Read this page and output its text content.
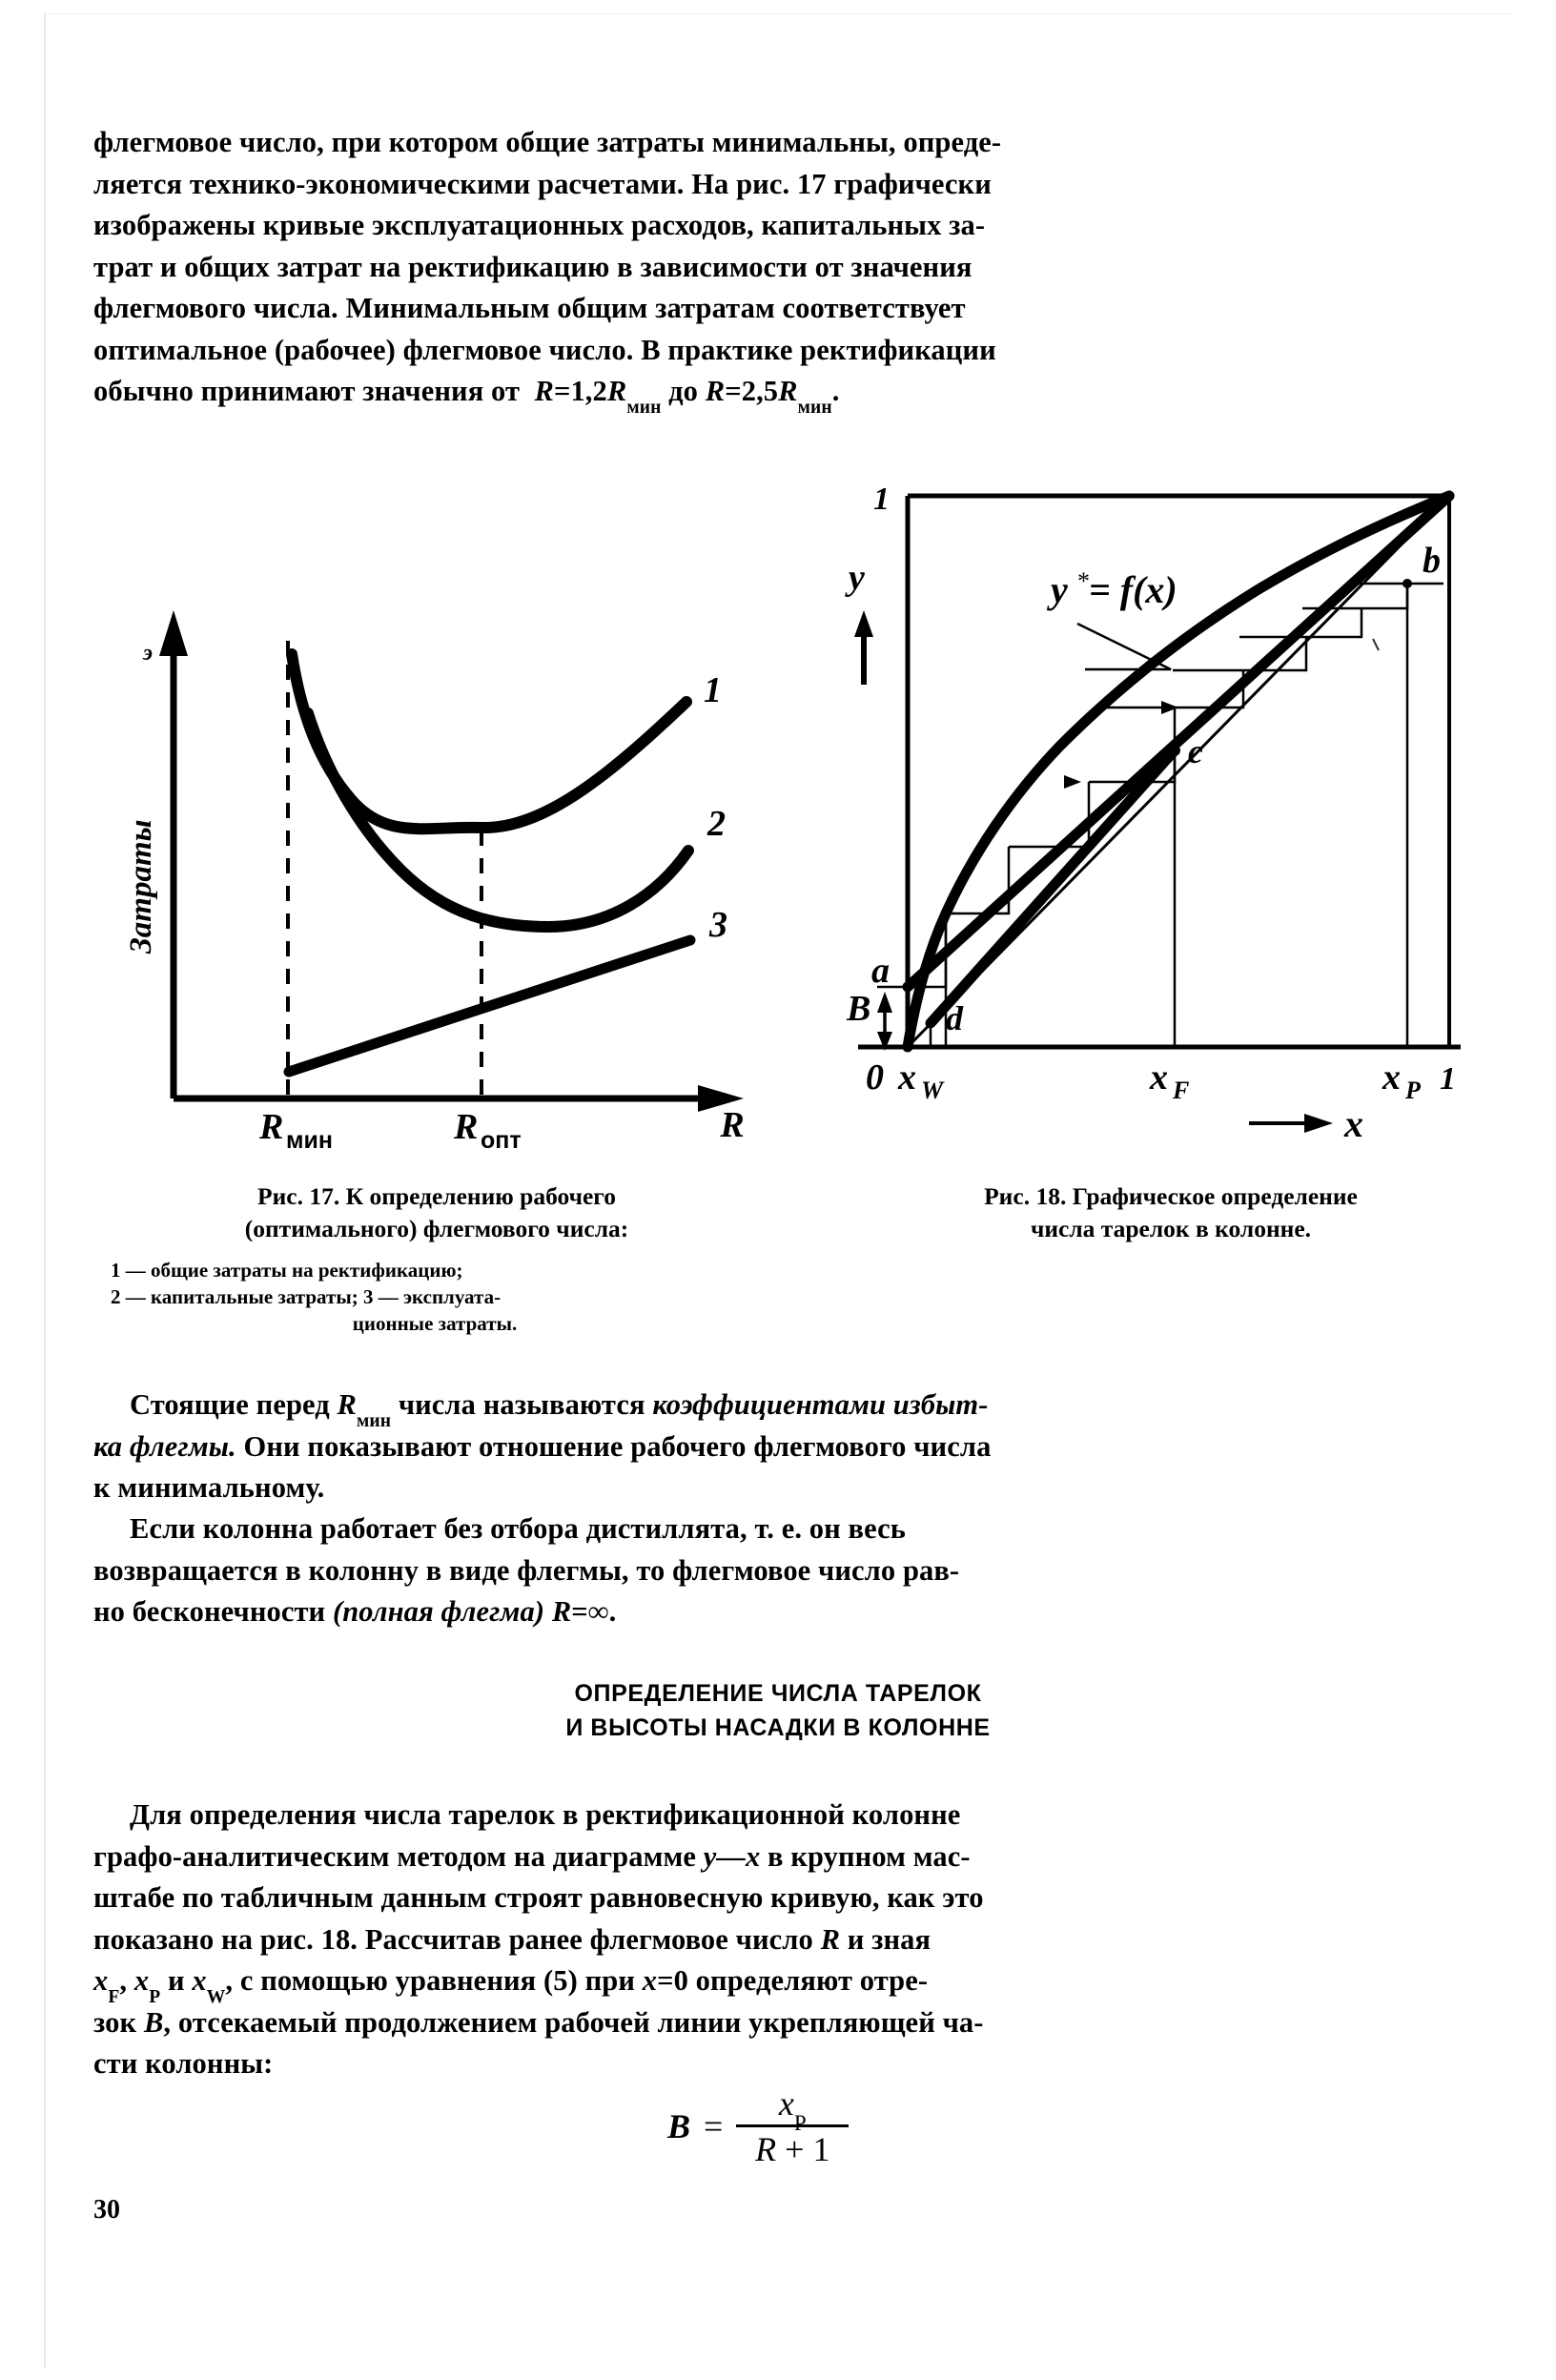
флегмовое число, при котором общие затраты минимальны, опреде-
ляется технико-экономическими расчетами. На рис. 17 графически
изображены кривые эксплуатационных расходов, капитальных за-
трат и общих затрат на ректификацию в зависимости от значения
флегмового числа. Минимальным общим затратам соответствует
оптимальное (рабочее) флегмовое число. В практике ректификации
обычно принимают значения от $R=1,2R_{мин}$ до $R=2,5R_{мин}$.

э
Затраты
R
1
2
3
R мин	R опт
1
y
B
a
b
c
d
y * = f(x)
0 x W	x F	x P 1
x
Рис. 17. К определению рабочего
(оптимального) флегмового числа:
1 — общие затраты на ректификацию;
2 — капитальные затраты; 3 — эксплуата-
ционные затраты.
Рис. 18. Графическое определение
числа тарелок в колонне.

Стоящие перед $R_{мин}$ числа называются коэффициентами избыт-
ка флегмы. Они показывают отношение рабочего флегмового числа
к минимальному.

Если колонна работает без отбора дистиллята, т. е. он весь
возвращается в колонну в виде флегмы, то флегмовое число рав-
но бесконечности (полная флегма) R=∞.

ОПРЕДЕЛЕНИЕ ЧИСЛА ТАРЕЛОК
И ВЫСОТЫ НАСАДКИ В КОЛОННЕ

Для определения числа тарелок в ректификационной колонне
графо-аналитическим методом на диаграмме y—x в крупном мас-
штабе по табличным данным строят равновесную кривую, как это
показано на рис. 18. Рассчитав ранее флегмовое число R и зная
$x_F$, $x_P$ и $x_W$, с помощью уравнения (5) при x=0 определяют отре-
зок B, отсекаемый продолжением рабочей линии укрепляющей ча-
сти колонны:

$B = \frac{x_P}{R + 1}$
30
